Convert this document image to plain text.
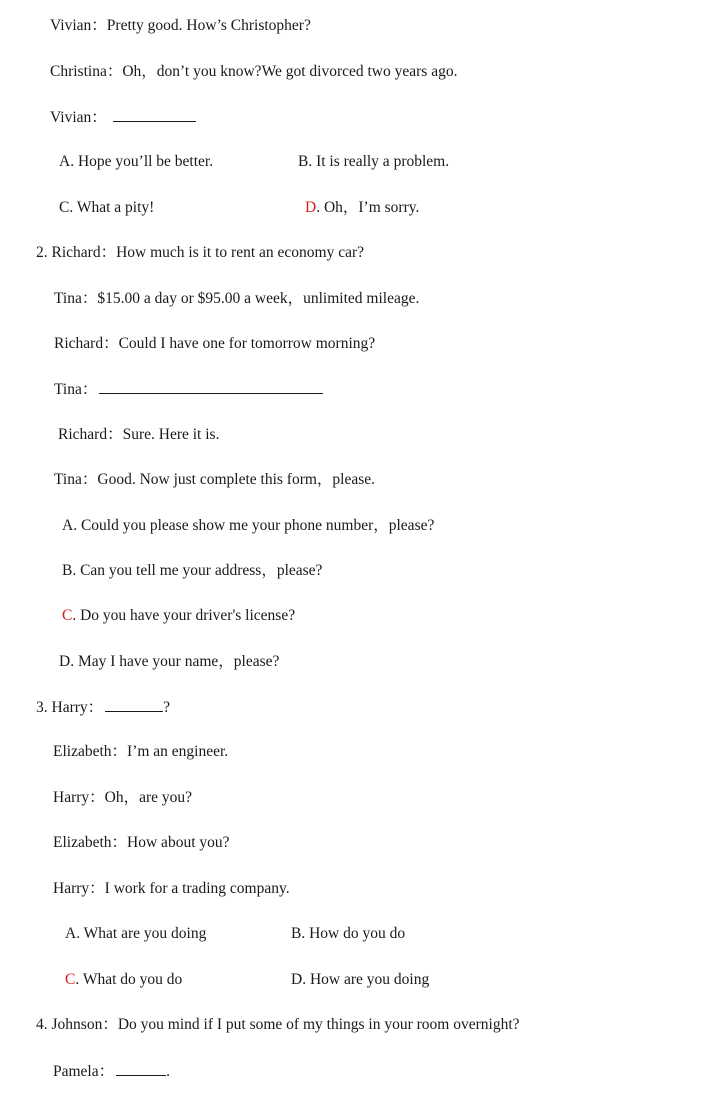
Vivian：Pretty good. How’s Christopher?
Christina：Oh，don’t you know?We got divorced two years ago.
Vivian：
A. Hope you’ll be better.	B. It is really a problem.
C. What a pity!	D. Oh，I’m sorry.
2. Richard：How much is it to rent an economy car?
Tina：$15.00 a day or $95.00 a week，unlimited mileage.
Richard：Could I have one for tomorrow morning?
Tina：
Richard：Sure. Here it is.
Tina：Good. Now just complete this form，please.
A. Could you please show me your phone number，please?
B. Can you tell me your address，please?
C. Do you have your driver's license?
D. May I have your name，please?
3. Harry：	?
Elizabeth：I’m an engineer.
Harry：Oh，are you?
Elizabeth：How about you?
Harry：I work for a trading company.
A. What are you doing	B. How do you do
C. What do you do	D. How are you doing
4. Johnson：Do you mind if I put some of my things in your room overnight?
Pamela：	.
